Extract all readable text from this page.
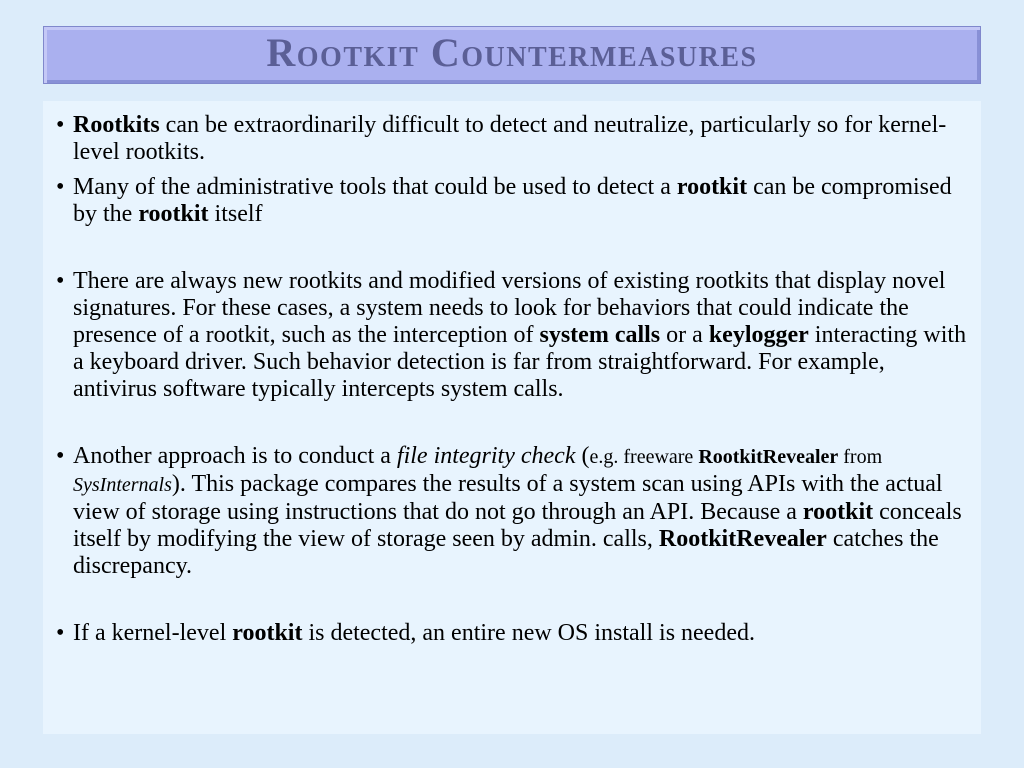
Rootkit Countermeasures
• Rootkits can be extraordinarily difficult to detect and neutralize, particularly so for kernel-level rootkits.
• Many of the administrative tools that could be used to detect a rootkit can be compromised by the rootkit itself
• There are always new rootkits and modified versions of existing rootkits that display novel signatures. For these cases, a system needs to look for behaviors that could indicate the presence of a rootkit, such as the interception of system calls or a keylogger interacting with a keyboard driver. Such behavior detection is far from straightforward. For example, antivirus software typically intercepts system calls.
• Another approach is to conduct a file integrity check (e.g. freeware RootkitRevealer from SysInternals). This package compares the results of a system scan using APIs with the actual view of storage using instructions that do not go through an API. Because a rootkit conceals itself by modifying the view of storage seen by admin. calls, RootkitRevealer catches the discrepancy.
• If a kernel-level rootkit is detected, an entire new OS install is needed.
